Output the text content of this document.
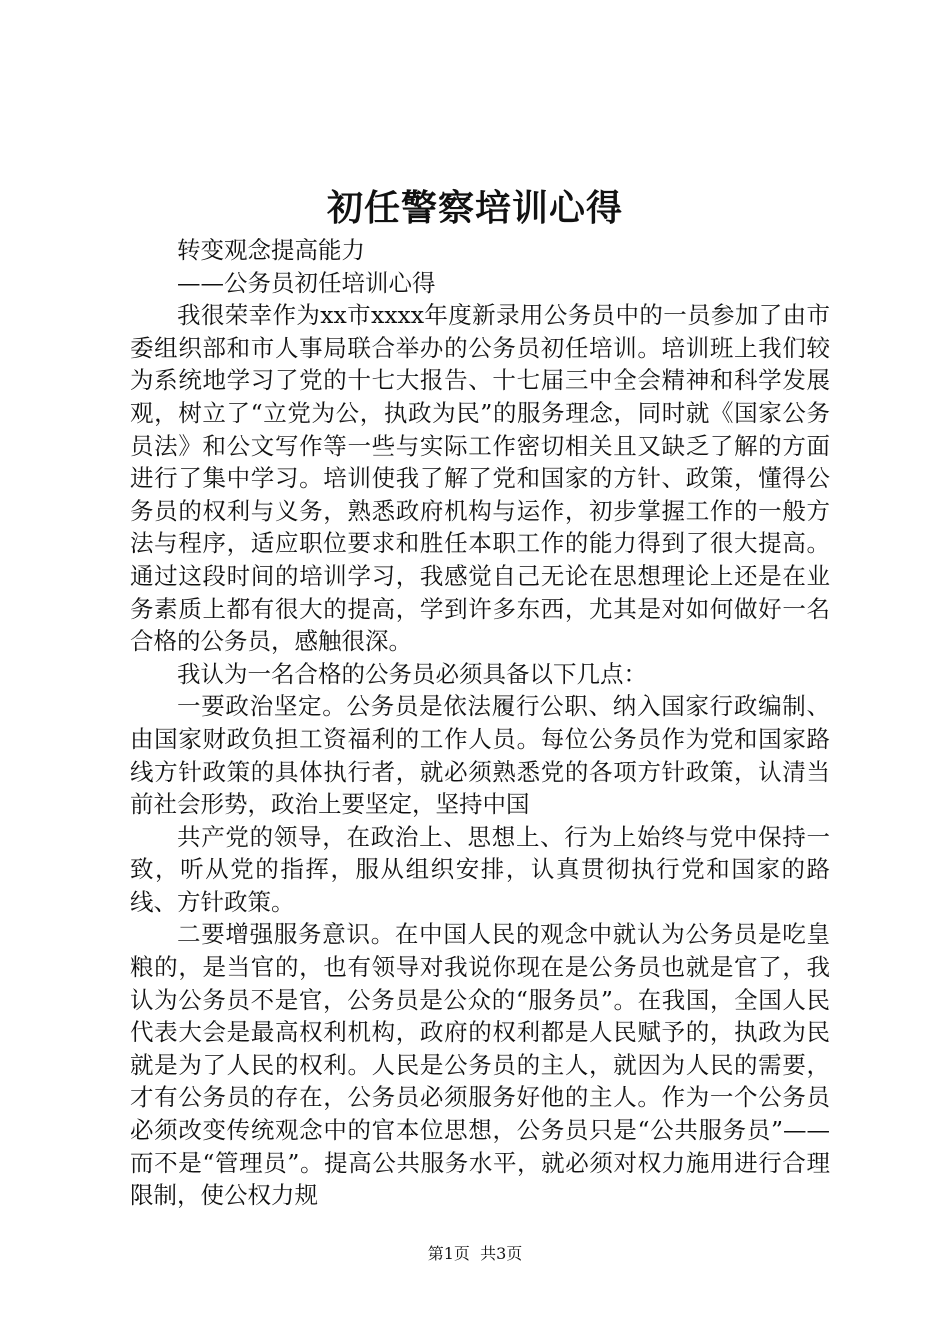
初任警察培训心得

转变观念提高能力

——公务员初任培训心得

我很荣幸作为xx市xxxx年度新录用公务员中的一员参加了由市委组织部和市人事局联合举办的公务员初任培训。培训班上我们较为系统地学习了党的十七大报告、十七届三中全会精神和科学发展观，树立了“立党为公，执政为民”的服务理念，同时就《国家公务员法》和公文写作等一些与实际工作密切相关且又缺乏了解的方面进行了集中学习。培训使我了解了党和国家的方针、政策，懂得公务员的权利与义务，熟悉政府机构与运作，初步掌握工作的一般方法与程序，适应职位要求和胜任本职工作的能力得到了很大提高。通过这段时间的培训学习，我感觉自己无论在思想理论上还是在业务素质上都有很大的提高，学到许多东西，尤其是对如何做好一名合格的公务员，感触很深。

我认为一名合格的公务员必须具备以下几点：

一要政治坚定。公务员是依法履行公职、纳入国家行政编制、由国家财政负担工资福利的工作人员。每位公务员作为党和国家路线方针政策的具体执行者，就必须熟悉党的各项方针政策，认清当前社会形势，政治上要坚定，坚持中国

共产党的领导，在政治上、思想上、行为上始终与党中保持一致，听从党的指挥，服从组织安排，认真贯彻执行党和国家的路线、方针政策。

二要增强服务意识。在中国人民的观念中就认为公务员是吃皇粮的，是当官的，也有领导对我说你现在是公务员也就是官了，我认为公务员不是官，公务员是公众的“服务员”。在我国，全国人民代表大会是最高权利机构，政府的权利都是人民赋予的，执政为民就是为了人民的权利。人民是公务员的主人，就因为人民的需要，才有公务员的存在，公务员必须服务好他的主人。作为一个公务员必须改变传统观念中的官本位思想，公务员只是“公共服务员”——而不是“管理员”。提高公共服务水平，就必须对权力施用进行合理限制，使公权力规

第1页  共3页
